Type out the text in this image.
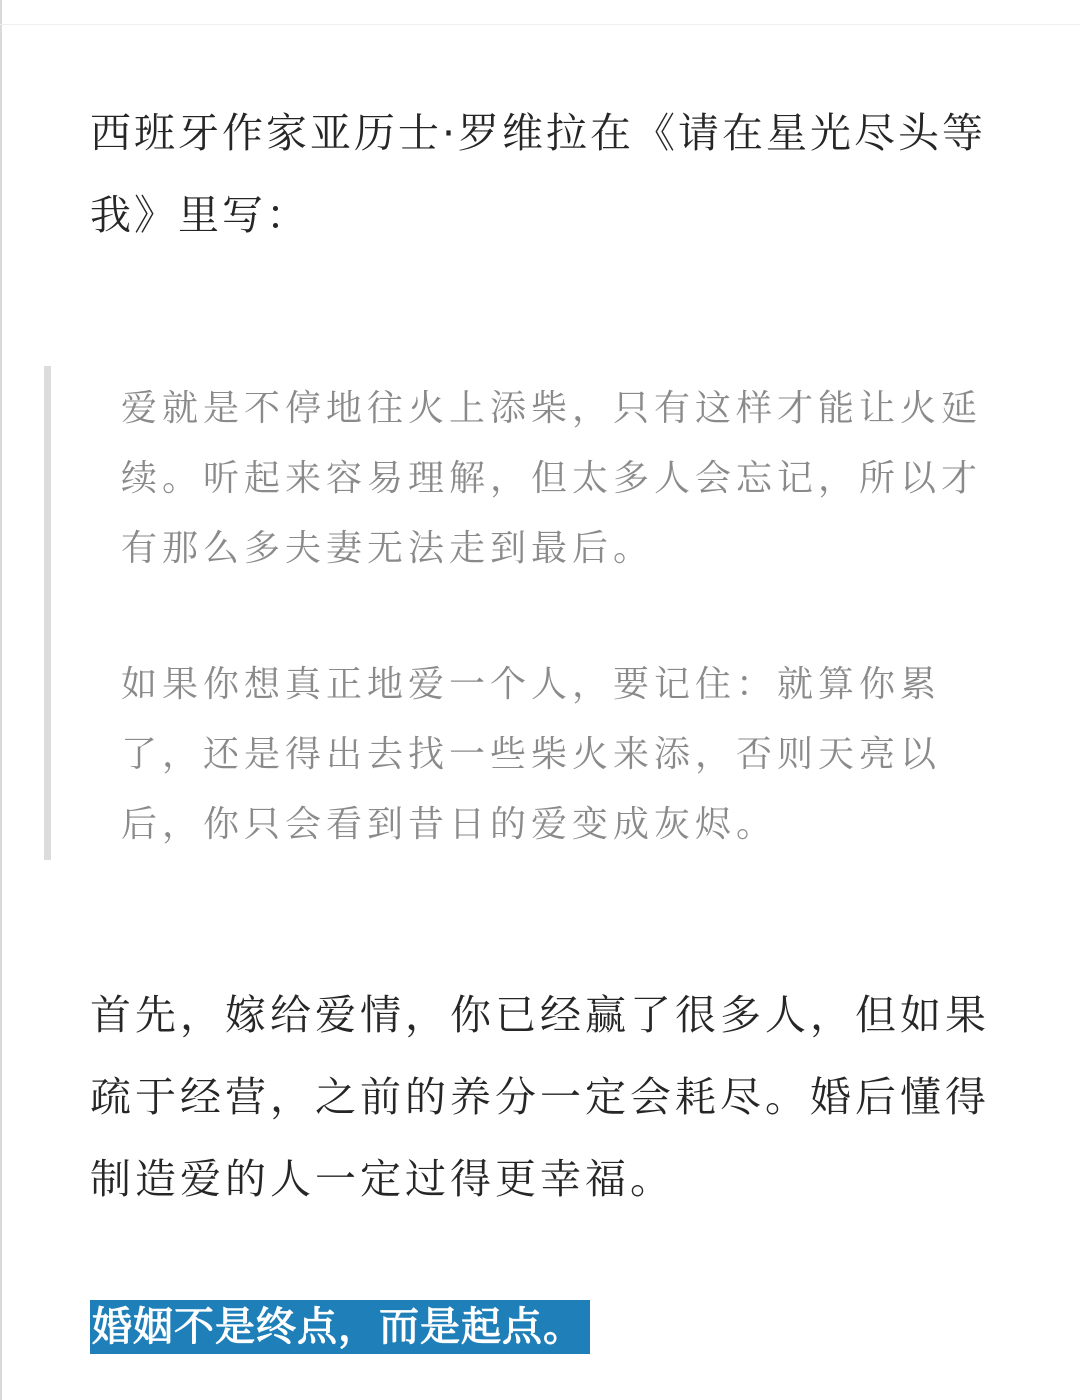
西班牙作家亚历士·罗维拉在《请在星光尽头等我》里写：

爱就是不停地往火上添柴，只有这样才能让火延续。听起来容易理解，但太多人会忘记，所以才有那么多夫妻无法走到最后。

如果你想真正地爱一个人，要记住：就算你累了，还是得出去找一些柴火来添，否则天亮以后，你只会看到昔日的爱变成灰烬。

首先，嫁给爱情，你已经赢了很多人，但如果疏于经营，之前的养分一定会耗尽。婚后懂得制造爱的人一定过得更幸福。

婚姻不是终点，而是起点。
